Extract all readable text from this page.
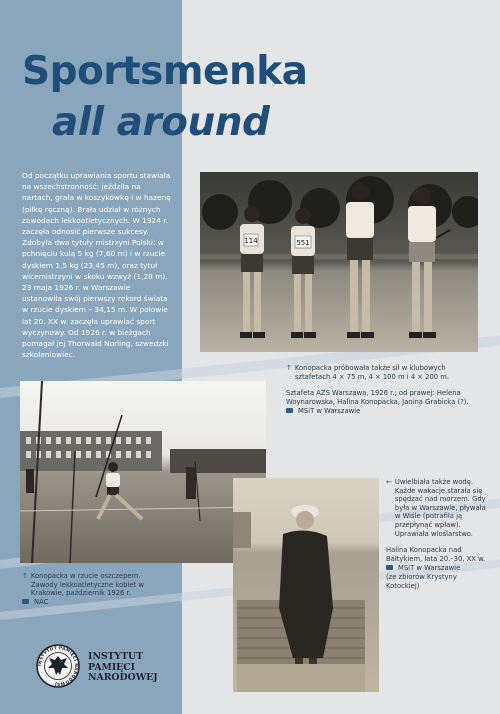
Sportsmenka
all around

Od początku uprawiania sportu stawiała na wszechstronność: jeździła na nartach, grała w koszykówkę i w hazenę (piłkę ręczną). Brała udział w różnych zawodach lekkoatletycznych. W 1924 r. zaczęła odnosić pierwsze sukcesy. Zdobyła dwa tytuły mistrzyni Polski: w pchnięciu kulą 5 kg (7,60 m) i w rzucie dyskiem 1,5 kg (23,45 m), oraz tytuł wicemistrzyni w skoku wzwyż (1,28 m). 23 maja 1926 r. w Warszawie ustanowiła swój pierwszy rekord świata w rzucie dyskiem – 34,15 m. W połowie lat 20. XX w. zaczęła uprawiać sport wyczynowy. Od 1926 r. w bieżgach pomagał jej Thorwald Norling, szwedzki szkoleniowiec.

114	551
↑ Konopacka próbowała także sił w klubowych sztafetach 4 × 75 m, 4 × 100 m i 4 × 200 m.

Sztafeta AZS Warszawa, 1926 r.; od prawej: Helena Woynarowska, Halina Konopacka, Janina Grabicka (?).

MSiT w Warszawie
↑ Konopacka w rzucie oszczepem. Zawody lekkoatletyczne kobiet w Krakowie, październik 1926 r.
NAC
← Uwielbiała także wodę. Każde wakacje starała się spędzać nad morzem. Gdy była w Warszawie, pływała w Wiśle (potrafiła ją przepłynąć wpław). Uprawiała wioślarstwo.

Halina Konopacka nad Bałtykiem, lata 20.–30. XX w.

MSiT w Warszawie

(ze zbiorów Krystyny Kotockiej)

INSTYTUT PAMIĘCI NARODOWEJ
INSTYTUT
PAMIĘCI
NARODOWEJ
